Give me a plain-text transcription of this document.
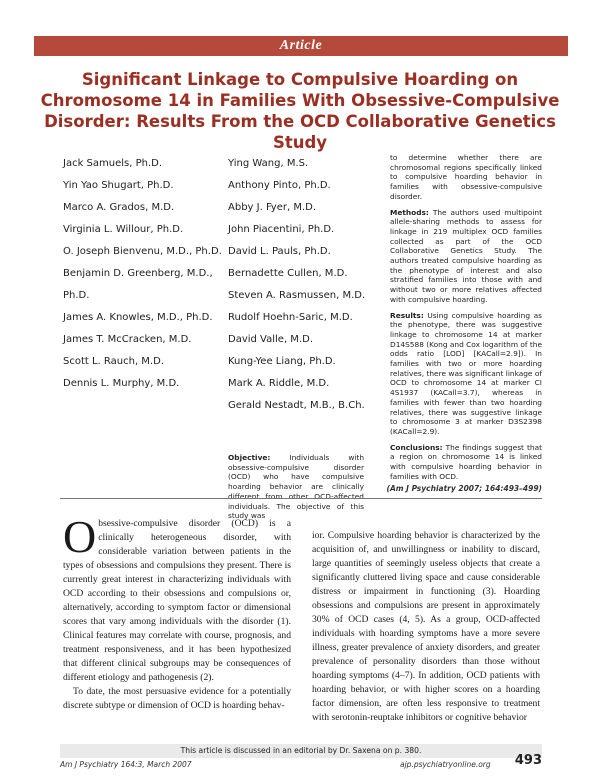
Article
Significant Linkage to Compulsive Hoarding on Chromosome 14 in Families With Obsessive-Compulsive Disorder: Results From the OCD Collaborative Genetics Study
Jack Samuels, Ph.D.
Yin Yao Shugart, Ph.D.
Marco A. Grados, M.D.
Virginia L. Willour, Ph.D.
O. Joseph Bienvenu, M.D., Ph.D.
Benjamin D. Greenberg, M.D., Ph.D.
James A. Knowles, M.D., Ph.D.
James T. McCracken, M.D.
Scott L. Rauch, M.D.
Dennis L. Murphy, M.D.
Ying Wang, M.S.
Anthony Pinto, Ph.D.
Abby J. Fyer, M.D.
John Piacentini, Ph.D.
David L. Pauls, Ph.D.
Bernadette Cullen, M.D.
Steven A. Rasmussen, M.D.
Rudolf Hoehn-Saric, M.D.
David Valle, M.D.
Kung-Yee Liang, Ph.D.
Mark A. Riddle, M.D.
Gerald Nestadt, M.B., B.Ch.

Objective:	Individuals with obsessive-compulsive disorder (OCD) who have compulsive hoarding behavior are clinically different from other OCD-affected individuals. The objective of this study was

to determine whether there are chromosomal regions specifically linked to compulsive hoarding behavior in families with obsessive-compulsive disorder.

Methods: The authors used multipoint allele-sharing methods to assess for linkage in 219 multiplex OCD families collected as part of the OCD Collaborative Genetics Study. The authors treated compulsive hoarding as the phenotype of interest and also stratified families into those with and without two or more relatives affected with compulsive hoarding.

Results: Using compulsive hoarding as the phenotype, there was suggestive linkage to chromosome 14 at marker D14S588 (Kong and Cox logarithm of the odds ratio [LOD] [KACall=2.9]). In families with two or more hoarding relatives, there was significant linkage of OCD to chromosome 14 at marker CI 4S1937 (KACall=3.7), whereas in families with fewer than two hoarding relatives, there was suggestive linkage to chromosome 3 at marker D3S2398 (KACall=2.9).

Conclusions: The findings suggest that a region on chromosome 14 is linked with compulsive hoarding behavior in families with OCD.

(Am J Psychiatry 2007; 164:493–499)

Obsessive-compulsive disorder (OCD) is a clinically heterogeneous disorder, with considerable variation between patients in the types of obsessions and compulsions they present. There is currently great interest in characterizing individuals with OCD according to their obsessions and compulsions or, alternatively, according to symptom factor or dimensional scores that vary among individuals with the disorder (1). Clinical features may correlate with course, prognosis, and treatment responsiveness, and it has been hypothesized that different clinical subgroups may be consequences of different etiology and pathogenesis (2).

To date, the most persuasive evidence for a potentially discrete subtype or dimension of OCD is hoarding behav-

ior. Compulsive hoarding behavior is characterized by the acquisition of, and unwillingness or inability to discard, large quantities of seemingly useless objects that create a significantly cluttered living space and cause considerable distress or impairment in functioning (3). Hoarding obsessions and compulsions are present in approximately 30% of OCD cases (4, 5). As a group, OCD-affected individuals with hoarding symptoms have a more severe illness, greater prevalence of anxiety disorders, and greater prevalence of personality disorders than those without hoarding symptoms (4–7). In addition, OCD patients with hoarding behavior, or with higher scores on a hoarding factor dimension, are often less responsive to treatment with serotonin-reuptake inhibitors or cognitive behavior

This article is discussed in an editorial by Dr. Saxena on p. 380.
Am J Psychiatry 164:3, March 2007	ajp.psychiatryonline.org 493
